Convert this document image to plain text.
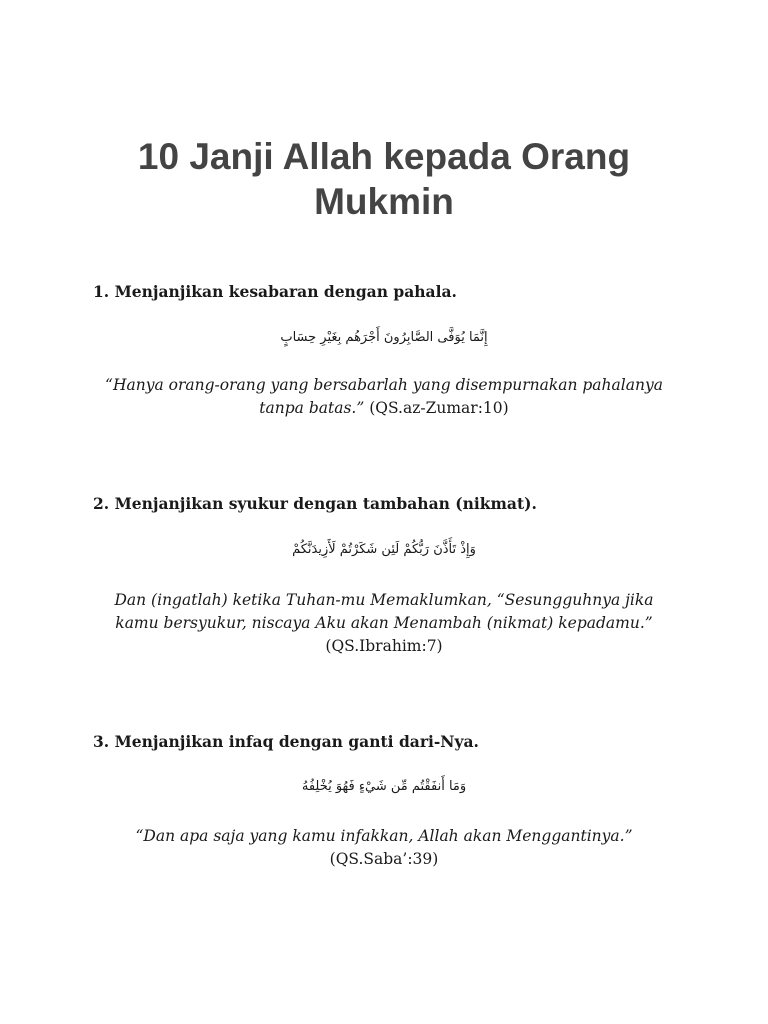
10 Janji Allah kepada Orang Mukmin
1. Menjanjikan kesabaran dengan pahala.
إِنَّمَا يُوَفَّى الصَّابِرُونَ أَجْرَهُم بِغَيْرِ حِسَابٍ
“Hanya orang-orang yang bersabarlah yang disempurnakan pahalanya tanpa batas.” (QS.az-Zumar:10)
2. Menjanjikan syukur dengan tambahan (nikmat).
وَإِذْ تَأَذَّنَ رَبُّكُمْ لَئِن شَكَرْتُمْ لَأَزِيدَنَّكُمْ
Dan (ingatlah) ketika Tuhan-mu Memaklumkan, “Sesungguhnya jika kamu bersyukur, niscaya Aku akan Menambah (nikmat) kepadamu.” (QS.Ibrahim:7)
3. Menjanjikan infaq dengan ganti dari-Nya.
وَمَا أَنفَقْتُم مِّن شَيْءٍ فَهُوَ يُخْلِفُهُ
“Dan apa saja yang kamu infakkan, Allah akan Menggantinya.” (QS.Saba’:39)
